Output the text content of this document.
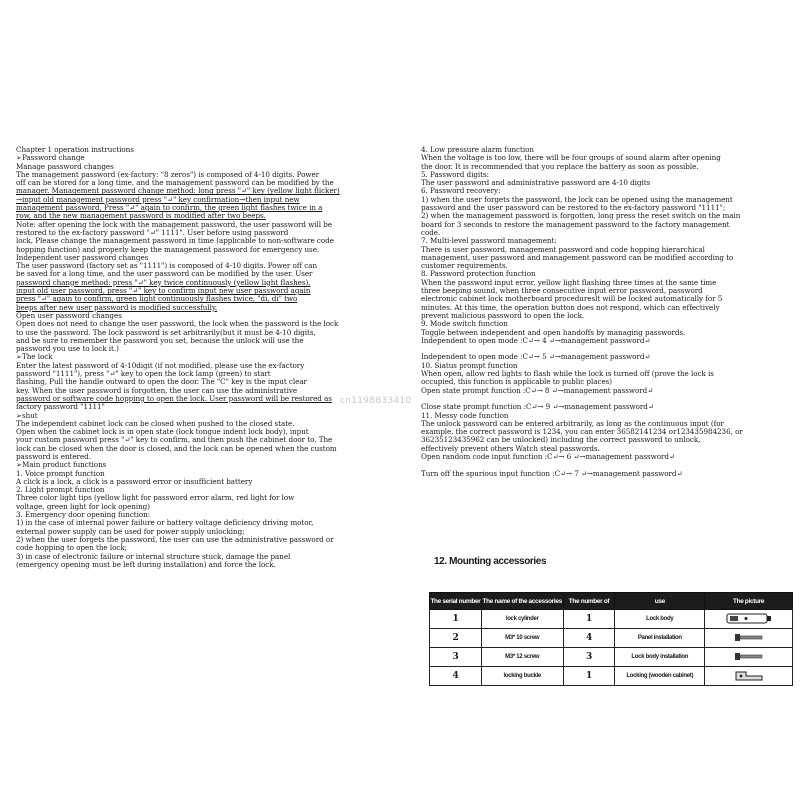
Chapter 1 operation instructions
➢Password change
Manage password changes
The management password (ex-factory: "8 zeros") is composed of 4-10 digits. Power
off can be stored for a long time, and the management password can be modified by the
manager. Management password change method: long press "↵" key (yellow light flicker)
→input old management password press "↵" key confirmation→then input new
management password, Press "↵" again to confirm, the green light flashes twice in a
row, and the new management password is modified after two beeps.
Note: after opening the lock with the management password, the user password will be
restored to the ex-factory password "↵" 1111". User before using password
lock, Please change the management password in time (applicable to non-software code
hopping function) and properly keep the management password for emergency use.
Independent user password changes
The user password (factory set as "1111") is composed of 4-10 digits. Power off can
be saved for a long time, and the user password can be modified by the user. User
password change method: press "↵" key twice continuously (yellow light flashes),
input old user password, press "↵" key to confirm input new user password again
press "↵" again to confirm, green light continuously flashes twice, "di, di" two
beeps after new user password is modified successfully.
Open user password changes
Open does not need to change the user password, the lock when the password is the lock
to use the password. The lock password is set arbitrarily(but it must be 4-10 digits,
and be sure to remember the password you set, because the unlock will use the
password you use to lock it.)
➢The lock
Enter the latest password of 4-10digit (if not modified, please use the ex-factory
password "1111"), press "↵" key to open the lock lamp (green) to start
flashing, Pull the handle outward to open the door. The "C" key is the input clear
key. When the user password is forgotten, the user can use the administrative
password or software code hopping to open the lock. User password will be restored as
factory password "1111"
➢shut
The independent cabinet lock can be closed when pushed to the closed state.
Open when the cabinet lock is in open state (lock tongue indent lock body), input
your custom password press "↵" key to confirm, and then push the cabinet door to. The
lock can be closed when the door is closed, and the lock can be opened when the custom
password is entered.
➢Main product functions
1. Voice prompt function
A click is a lock, a click is a password error or insufficient battery
2. Light prompt function
Three color light tips (yellow light for password error alarm, red light for low
voltage, green light for lock opening)
3. Emergency door opening function:
1) in the case of internal power failure or battery voltage deficiency driving motor,
external power supply can be used for power supply unlocking;
2) when the user forgets the password, the user can use the administrative password or
code hopping to open the lock;
3) in case of electronic failure or internal structure stuck, damage the panel
(emergency opening must be left during installation) and force the lock.
4. Low pressure alarm function
When the voltage is too low, there will be four groups of sound alarm after opening
the door. It is recommended that you replace the battery as soon as possible.
5. Password digits:
The user password and administrative password are 4-10 digits
6. Password recovery:
1) when the user forgets the password, the lock can be opened using the management
password and the user password can be restored to the ex-factory password "1111";
2) when the management password is forgotten, long press the reset switch on the main
board for 3 seconds to restore the management password to the factory management
code.
7. Multi-level password management:
There is user password, management password and code hopping hierarchical
management, user password and management password can be modified according to
customer requirements.
8. Password protection function
When the password input error, yellow light flashing three times at the same time
three beeping sound, when three consecutive input error password, password
electronic cabinet lock motherboard procedureslt will be locked automatically for 5
minutes. At this time, the operation button does not respond, which can effectively
prevent malicious password to open the lock.
9. Mode switch function
Toggle between independent and open handoffs by managing passwords.
Independent to open mode :C↵→ 4 ↵→management password↵

Independent to open mode :C↵→ 5 ↵→management password↵
10. Siatus prompt function
When open, allow red lights to flash while the lock is turned off (prove the lock is
occupied, this function is applicable to public places)
Open state prompt function :C↵→ 8 ↵→management password↵

Close state prompt function :C↵→ 9 ↵→management password↵
11. Messy code function
The unlock password can be entered arbitrarily, as long as the continuous input (for
example, the correct password is 1234, you can enter 36582141234 or123435984236, or
36235123435962 can be unlocked) including the correct password to unlock,
effectively prevent others Watch steal passwords.
Open random code input function :C↵→ 6 ↵→management password↵

Turn off the spurious input function :C↵→ 7 ↵→management password↵
cn1198833410
12. Mounting accessories
The serial number	The name of the accessories	The number of	use	The picture
1	lock cylinder	1	Lock body	
2	M3* 10 screw	4	Panel installation	
3	M3* 12 screw	3	Lock body installation	
4	locking buckle	1	Locking (wooden cabinet)	
